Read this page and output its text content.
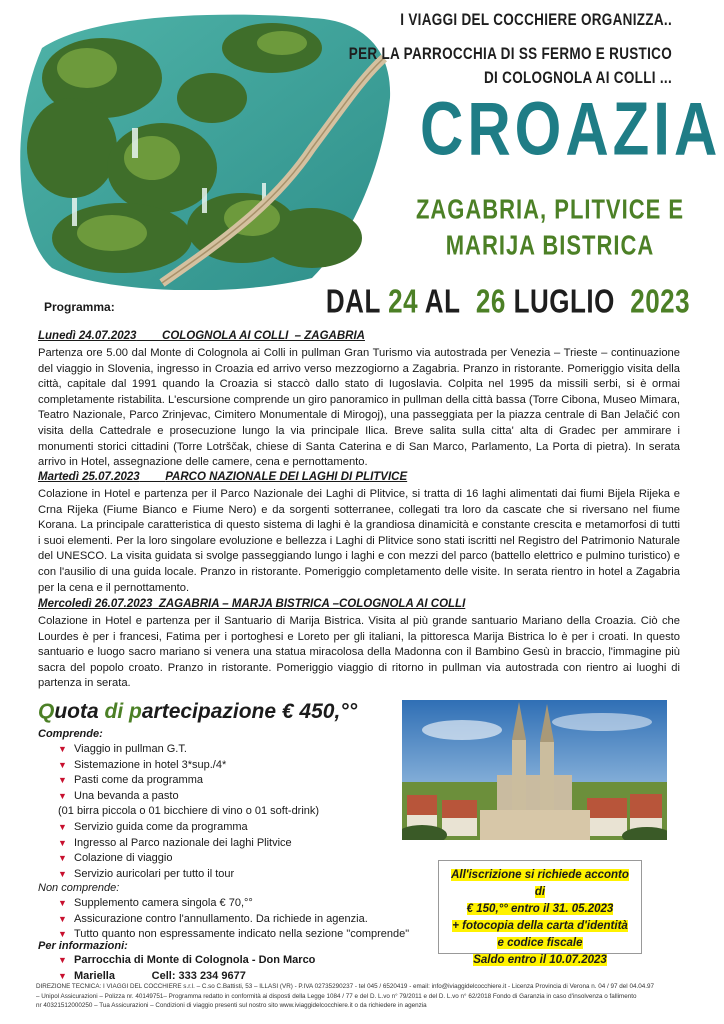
I VIAGGI DEL COCCHIERE ORGANIZZA..
PER LA PARROCCHIA DI SS FERMO E RUSTICO
DI COLOGNOLA AI COLLI ...
CROAZIA
ZAGABRIA, PLITVICE E
MARIJA BISTRICA
DAL 24 AL 26 LUGLIO 2023
Programma:
Lunedì 24.07.2023 COLOGNOLA AI COLLI  – ZAGABRIA
Partenza ore 5.00 dal Monte di Colognola ai Colli in pullman Gran Turismo via autostrada per Venezia – Trieste – continuazione del viaggio in Slovenia, ingresso in Croazia ed arrivo verso mezzogiorno a Zagabria. Pranzo in ristorante. Pomeriggio visita della città, capitale dal 1991 quando la Croazia si staccò dallo stato di Iugoslavia. Colpita nel 1995 da missili serbi, si è ormai completamente ristabilita. L'escursione comprende un giro panoramico in pullman della città bassa (Torre Cibona, Museo Mimara, Teatro Nazionale, Parco Zrinjevac, Cimitero Monumentale di Mirogoj), una passeggiata per la piazza centrale di Ban Jelačić con visita della Cattedrale e prosecuzione lungo la via principale Ilica. Breve salita sulla citta' alta di Gradec per ammirare i monumenti storici cittadini (Torre Lotrščak, chiese di Santa Caterina e di San Marco, Parlamento, La Porta di pietra). In serata arrivo in Hotel, assegnazione delle camere, cena e pernottamento.
Martedì 25.07.2023 PARCO NAZIONALE DEI LAGHI DI PLITVICE
Colazione in Hotel e partenza per il Parco Nazionale dei Laghi di Plitvice, si tratta di 16 laghi alimentati dai fiumi Bijela Rijeka e Crna Rijeka (Fiume Bianco e Fiume Nero) e da sorgenti sotterranee, collegati tra loro da cascate che si riversano nel fiume Korana. La principale caratteristica di questo sistema di laghi è la grandiosa dinamicità e constante crescita e metamorfosi di tutti i suoi elementi. Per la loro singolare evoluzione e bellezza i Laghi di Plitvice sono stati iscritti nel Registro del Patrimonio Naturale del UNESCO. La visita guidata si svolge passeggiando lungo i laghi e con mezzi del parco (battello elettrico e pulmino turistico) e con l'ausilio di una guida locale. Pranzo in ristorante. Pomeriggio completamento delle visite. In serata rientro in hotel a Zagabria per la cena e il pernottamento.
Mercoledì 26.07.2023 ZAGABRIA – MARJA BISTRICA –COLOGNOLA AI COLLI
Colazione in Hotel e partenza per il Santuario di Marija Bistrica. Visita al più grande santuario Mariano della Croazia. Ciò che Lourdes è per i francesi, Fatima per i portoghesi e Loreto per gli italiani, la pittoresca Marija Bistrica lo è per i croati. In questo santuario e luogo sacro mariano si venera una statua miracolosa della Madonna con il Bambino Gesù in braccio, l'immagine più sacra del popolo croato. Pranzo in ristorante. Pomeriggio viaggio di ritorno in pullman via autostrada con rientro ai luoghi di partenza in serata.
Quota di partecipazione € 450,°°
Comprende:
▼ Viaggio in pullman G.T.
▼ Sistemazione in hotel 3*sup./4*
▼ Pasti come da programma
▼ Una bevanda a pasto
(01 birra piccola o 01 bicchiere di vino o 01 soft-drink)
▼ Servizio guida come da programma
▼ Ingresso al Parco nazionale dei laghi Plitvice
▼ Colazione di viaggio
▼ Servizio auricolari per tutto il tour
Non comprende:
▼ Supplemento camera singola € 70,°°
▼ Assicurazione contro l'annullamento. Da richiede in agenzia.
▼ Tutto quanto non espressamente indicato nella sezione "comprende"
Per informazioni:
▼ Parrocchia di Monte di Colognola - Don Marco
▼ Mariella            Cell: 333 234 9677
All'iscrizione si richiede acconto di
€ 150,°° entro il 31. 05.2023
+ fotocopia della carta d'identità
e codice fiscale
Saldo entro il 10.07.2023
DIREZIONE TECNICA: I VIAGGI DEL COCCHIERE s.r.l. – C.so C.Battisti, 53 – ILLASI (VR) - P.IVA 02735290237 - tel 045 / 6520419 - email: info@iviaggidelcocchiere.it - Licenza Provincia di Verona n. 04 / 97 del 04.04.97
– Unipol Assicurazioni – Polizza nr. 40149751– Programma redatto in conformità ai disposti della Legge 1084 / 77 e del D. L.vo n° 79/2011 e del D. L.vo n° 62/2018 Fondo di Garanzia in caso d'insolvenza o fallimento
nr 40321512000250 – Tua Assicurazioni – Condizioni di viaggio presenti sul nostro sito www.iviaggidelcocchiere.it o da richiedere in agenzia
